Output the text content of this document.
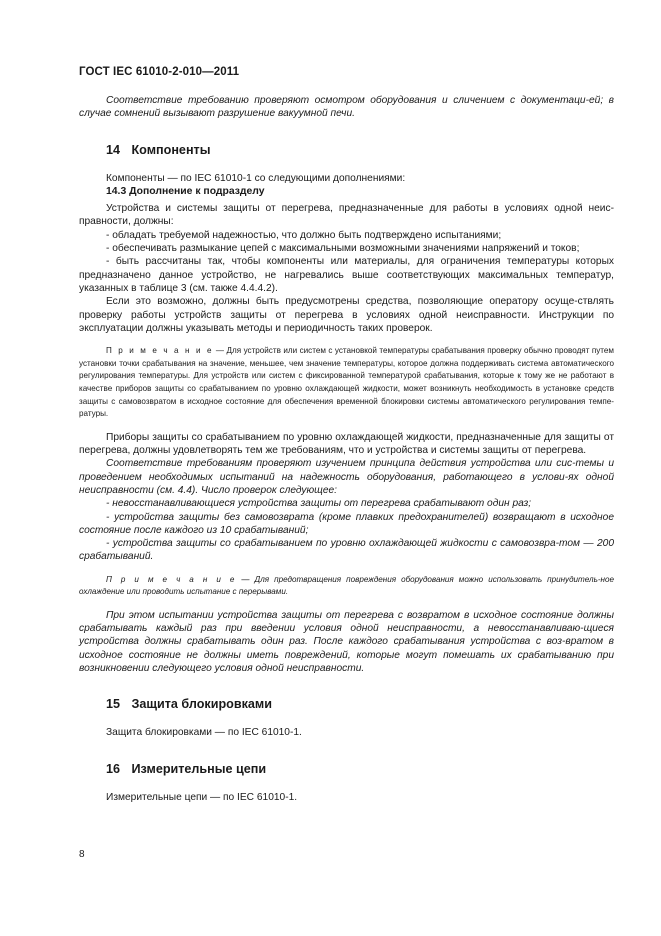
ГОСТ IEC 61010-2-010—2011

Соответствие требованию проверяют осмотром оборудования и сличением с документаци-ей; в случае сомнений вызывают разрушение вакуумной печи.

14 Компоненты

Компоненты — по IEC 61010-1 со следующими дополнениями:

14.3 Дополнение к подразделу

Устройства и системы защиты от перегрева, предназначенные для работы в условиях одной неис-правности, должны:

- обладать требуемой надежностью, что должно быть подтверждено испытаниями;

- обеспечивать размыкание цепей с максимальными возможными значениями напряжений и токов;

- быть рассчитаны так, чтобы компоненты или материалы, для ограничения температуры которых предназначено данное устройство, не нагревались выше соответствующих максимальных температур, указанных в таблице 3 (см. также 4.4.4.2).

Если это возможно, должны быть предусмотрены средства, позволяющие оператору осуще-ствлять проверку работы устройств защиты от перегрева в условиях одной неисправности. Инструкции по эксплуатации должны указывать методы и периодичность таких проверок.

П р и м е ч а н и е — Для устройств или систем с установкой температуры срабатывания проверку обычно проводят путем установки точки срабатывания на значение, меньшее, чем значение температуры, которое должна поддерживать система автоматического регулирования температуры. Для устройств или систем с фиксированной температурой срабатывания, которые к тому же не работают в качестве приборов защиты со срабатыванием по уровню охлаждающей жидкости, может возникнуть необходимость в установке средств защиты с самовозвратом в исходное состояние для обеспечения временной блокировки системы автоматического регулирования темпе-ратуры.

Приборы защиты со срабатыванием по уровню охлаждающей жидкости, предназначенные для защиты от перегрева, должны удовлетворять тем же требованиям, что и устройства и системы защиты от перегрева.

Соответствие требованиям проверяют изучением принципа действия устройства или сис-темы и проведением необходимых испытаний на надежность оборудования, работающего в услови-ях одной неисправности (см. 4.4). Число проверок следующее:

- невосстанавливающиеся устройства защиты от перегрева срабатывают один раз;

- устройства защиты без самовозврата (кроме плавких предохранителей) возвращают в исходное состояние после каждого из 10 срабатываний;

- устройства защиты со срабатыванием по уровню охлаждающей жидкости с самовозвра-том — 200 срабатываний.

П р и м е ч а н и е — Для предотвращения повреждения оборудования можно использовать принудитель-ное охлаждение или проводить испытание с перерывами.

При этом испытании устройства защиты от перегрева с возвратом в исходное состояние должны срабатывать каждый раз при введении условия одной неисправности, а невосстанавливаю-щиеся устройства должны срабатывать один раз. После каждого срабатывания устройства с воз-вратом в исходное состояние не должны иметь повреждений, которые могут помешать их срабатыванию при возникновении следующего условия одной неисправности.

15 Защита блокировками

Защита блокировками — по IEC 61010-1.

16 Измерительные цепи

Измерительные цепи — по IEC 61010-1.

8
